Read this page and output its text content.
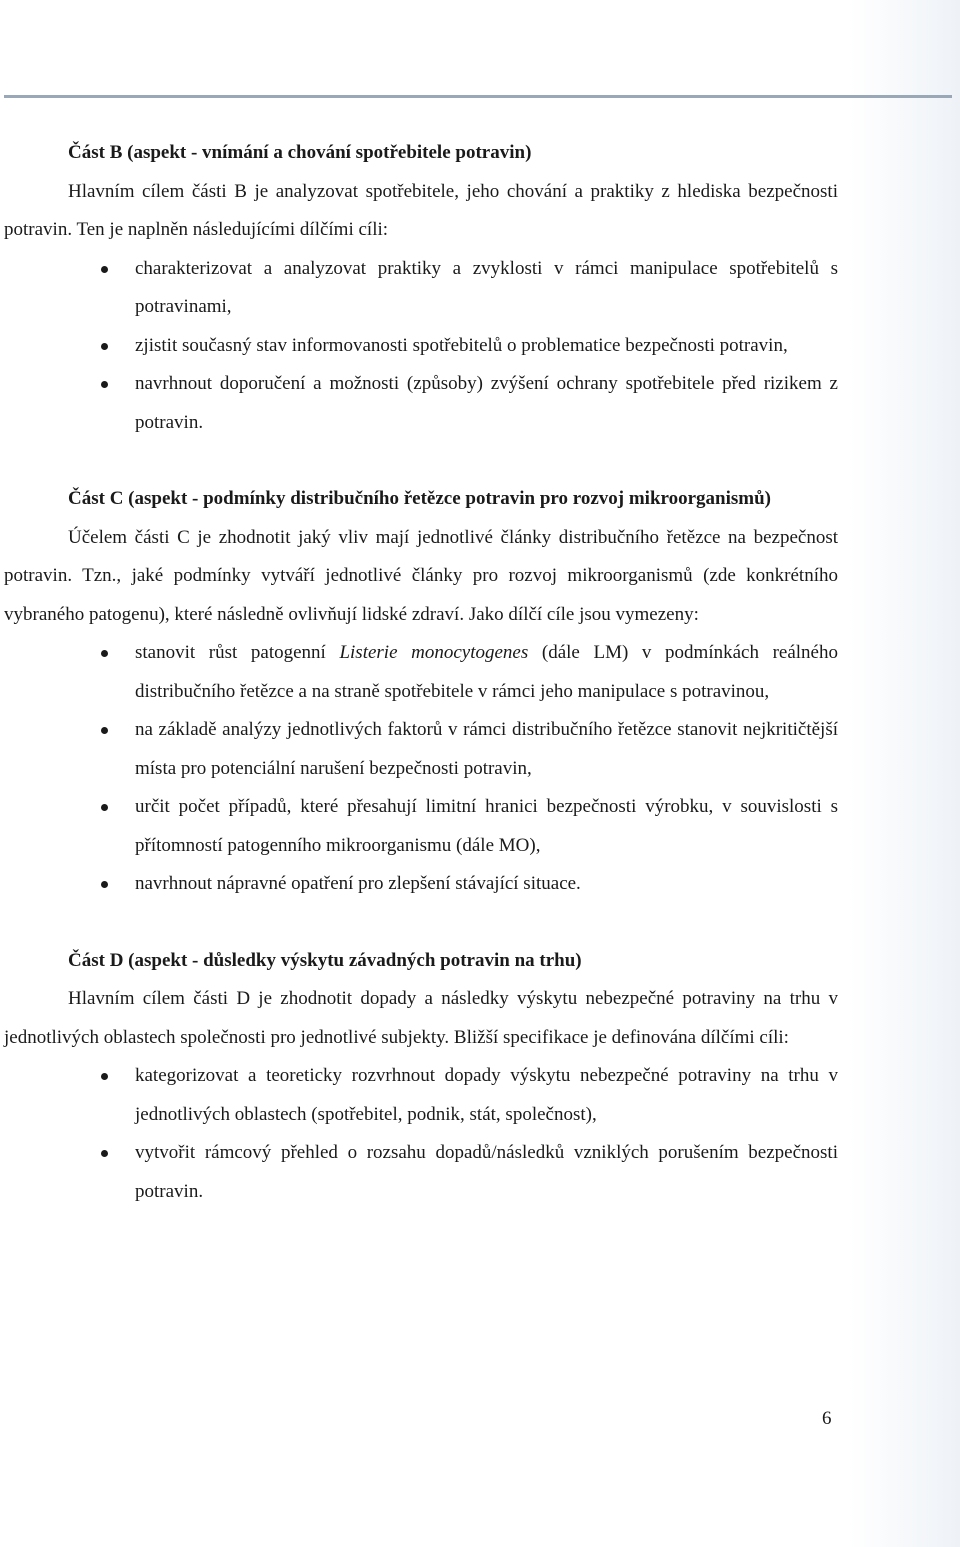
Část B (aspekt - vnímání a chování spotřebitele potravin)

Hlavním cílem části B je analyzovat spotřebitele, jeho chování a praktiky z hlediska bezpečnosti potravin. Ten je naplněn následujícími dílčími cíli:

charakterizovat a analyzovat praktiky a zvyklosti v rámci manipulace spotřebitelů s potravinami,
zjistit současný stav informovanosti spotřebitelů o problematice bezpečnosti potravin,
navrhnout doporučení a možnosti (způsoby) zvýšení ochrany spotřebitele před rizikem z potravin.

Část C (aspekt - podmínky distribučního řetězce potravin pro rozvoj mikroorganismů)

Účelem části C je zhodnotit jaký vliv mají jednotlivé články distribučního řetězce na bezpečnost potravin. Tzn., jaké podmínky vytváří jednotlivé články pro rozvoj mikroorganismů (zde konkrétního vybraného patogenu), které následně ovlivňují lidské zdraví. Jako dílčí cíle jsou vymezeny:

stanovit růst patogenní Listerie monocytogenes (dále LM) v podmínkách reálného distribučního řetězce a na straně spotřebitele v rámci jeho manipulace s potravinou,
na základě analýzy jednotlivých faktorů v rámci distribučního řetězce stanovit nejkritičtější místa pro potenciální narušení bezpečnosti potravin,
určit počet případů, které přesahují limitní hranici bezpečnosti výrobku, v souvislosti s přítomností patogenního mikroorganismu (dále MO),
navrhnout nápravné opatření pro zlepšení stávající situace.

Část D (aspekt - důsledky výskytu závadných potravin na trhu)

Hlavním cílem části D je zhodnotit dopady a následky výskytu nebezpečné potraviny na trhu v jednotlivých oblastech společnosti pro jednotlivé subjekty. Bližší specifikace je definována dílčími cíli:

kategorizovat a teoreticky rozvrhnout dopady výskytu nebezpečné potraviny na trhu v jednotlivých oblastech (spotřebitel, podnik, stát, společnost),
vytvořit rámcový přehled o rozsahu dopadů/následků vzniklých porušením bezpečnosti potravin.
6
